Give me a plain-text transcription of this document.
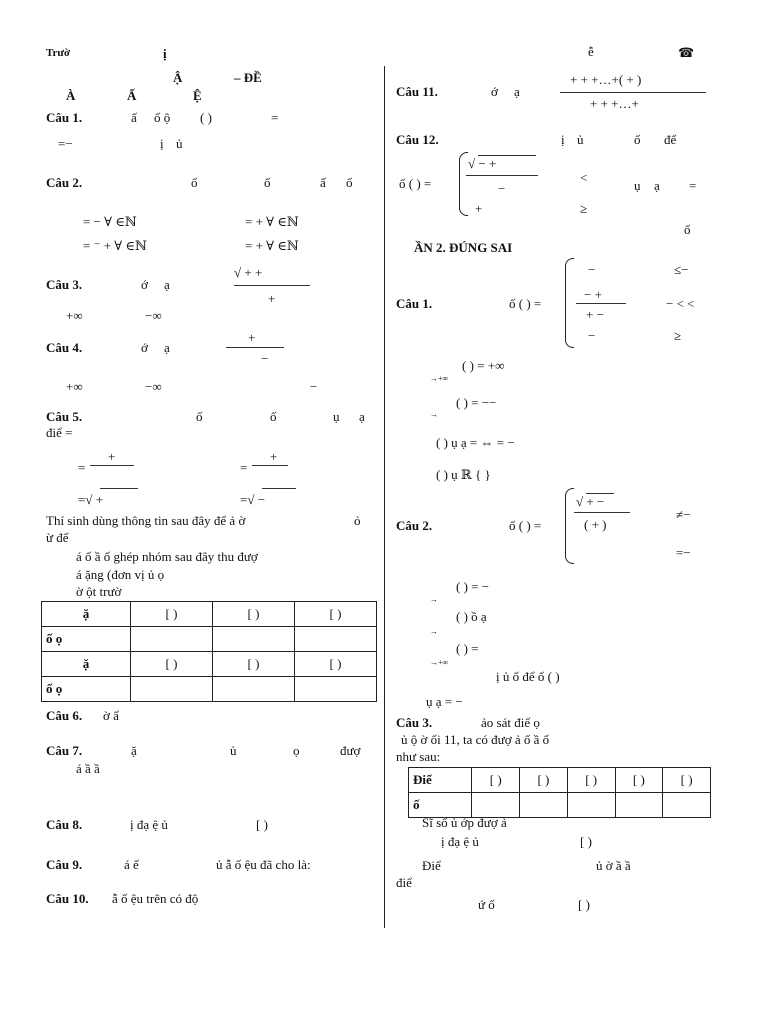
Trườ	ị	ễ	☎
Ậ	– ĐỀ
À	Ấ	Ệ
Câu 1.	ấ ố ộ ( )	=
=−	ị ủ
Câu 2.	ố	ố	ấ ố
= − ∀ ∈ℕ	= + ∀ ∈ℕ
= ⁻ + ∀ ∈ℕ	= + ∀ ∈ℕ
Câu 3.	ớ ạ
√ + +
+
+∞	−∞
Câu 4.	ớ ạ
+
−
+∞	−∞	−
Câu 5.	ố	ố	ụ ạ
điể =
=
+
=
+
=√ +	=√ −
Thí sinh dùng thông tin sau đây để ả ờ	ỏ
ừ để
á ố ầ ố ghép nhóm sau đây thu đượ
á ặng (đơn vị ủ ọ
ờ ột trườ
ặ	[ )	[ )	[ )
ố ọ			
ặ	[ )	[ )	[ )
ố ọ			
Câu 6. ờ ẩ
Câu 7.	ặ	ủ	ọ	đượ
á ầ ầ
Câu 8.	ị đạ ệ ủ	[ )
Câu 9.	á ế	ủ ẫ ố ệu đã cho là:
Câu 10. ẫ ố ệu trên có độ
Câu 11.	ớ ạ
+ + +…+( + )
+ + +…+
Câu 12.	ị ủ	ố để
ố ( ) =
√ − +
−
+
<
≥
ụ ạ =
ố
ẦN 2. ĐÚNG SAI
Câu 1.	ố ( ) =
−	≤−
− +
+ −
− < <
−	≥
→+∞
( ) = +∞
→
( ) = −−
( ) ụ ạ = ⇔ = −
( ) ụ ℝ { }
Câu 2.	ố ( ) =
√ + −
( + )
≠−
=−
→
( ) = −
→
( ) ồ ạ
→+∞
( ) =
ị ủ ố để ố ( )
ụ ạ = −
Câu 3.	ảo sát điể ọ
ủ ộ ờ ối 11, ta có đượ ả ố ầ ố
như sau:
Điể	[ )	[ )	[ )	[ )	[ )
ố					
Sĩ số ủ ớp đượ ả
ị đạ ệ ủ	[ )
Điể	ủ ờ ầ ầ
điể
ứ ố	[ )
